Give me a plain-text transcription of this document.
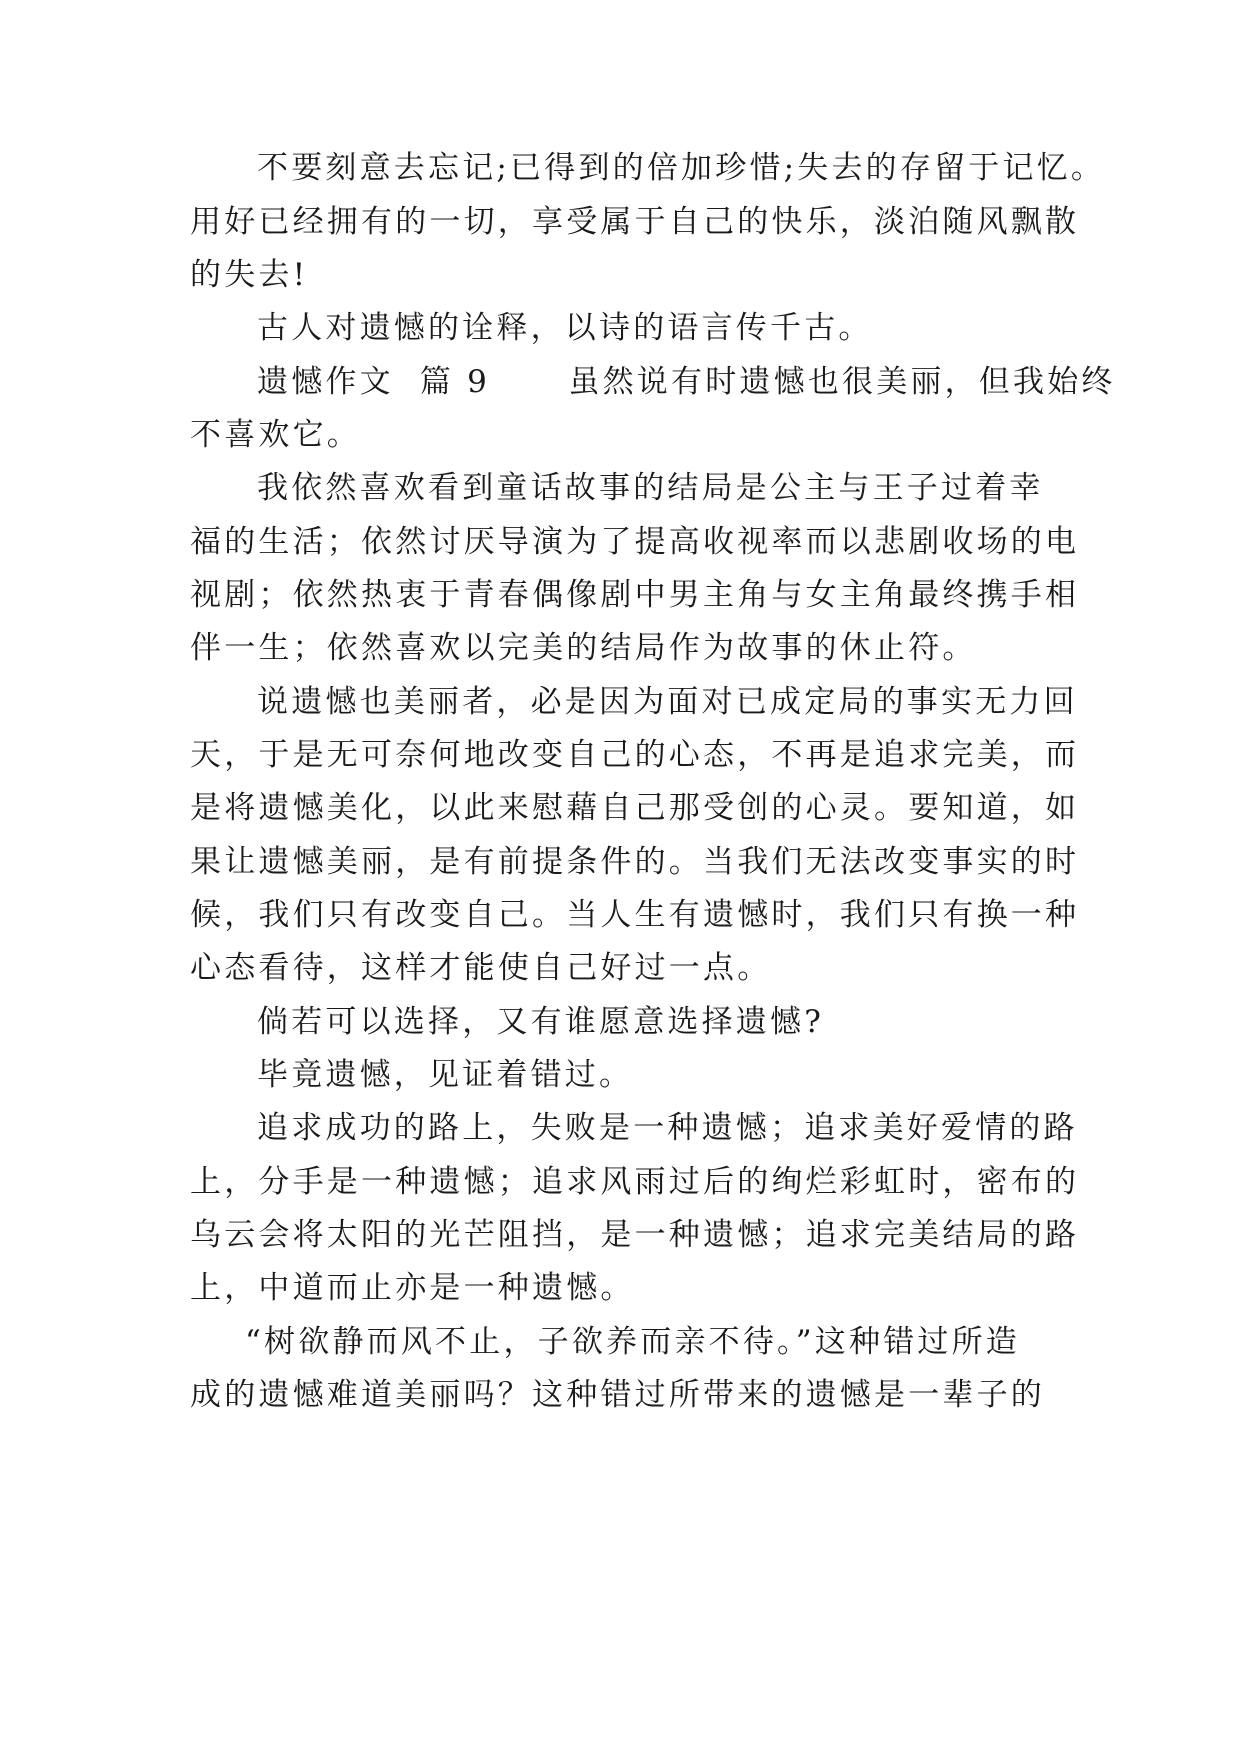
不要刻意去忘记;已得到的倍加珍惜;失去的存留于记忆。
用好已经拥有的一切，享受属于自己的快乐，淡泊随风飘散
的失去!
古人对遗憾的诠释，以诗的语言传千古。
遗憾作文  篇 9      虽然说有时遗憾也很美丽，但我始终
不喜欢它。
我依然喜欢看到童话故事的结局是公主与王子过着幸
福的生活；依然讨厌导演为了提高收视率而以悲剧收场的电
视剧；依然热衷于青春偶像剧中男主角与女主角最终携手相
伴一生；依然喜欢以完美的结局作为故事的休止符。
说遗憾也美丽者，必是因为面对已成定局的事实无力回
天，于是无可奈何地改变自己的心态，不再是追求完美，而
是将遗憾美化，以此来慰藉自己那受创的心灵。要知道，如
果让遗憾美丽，是有前提条件的。当我们无法改变事实的时
候，我们只有改变自己。当人生有遗憾时，我们只有换一种
心态看待，这样才能使自己好过一点。
倘若可以选择，又有谁愿意选择遗憾?
毕竟遗憾，见证着错过。
追求成功的路上，失败是一种遗憾；追求美好爱情的路
上，分手是一种遗憾；追求风雨过后的绚烂彩虹时，密布的
乌云会将太阳的光芒阻挡，是一种遗憾；追求完美结局的路
上，中道而止亦是一种遗憾。
“树欲静而风不止，子欲养而亲不待。”这种错过所造
成的遗憾难道美丽吗？这种错过所带来的遗憾是一辈子的
